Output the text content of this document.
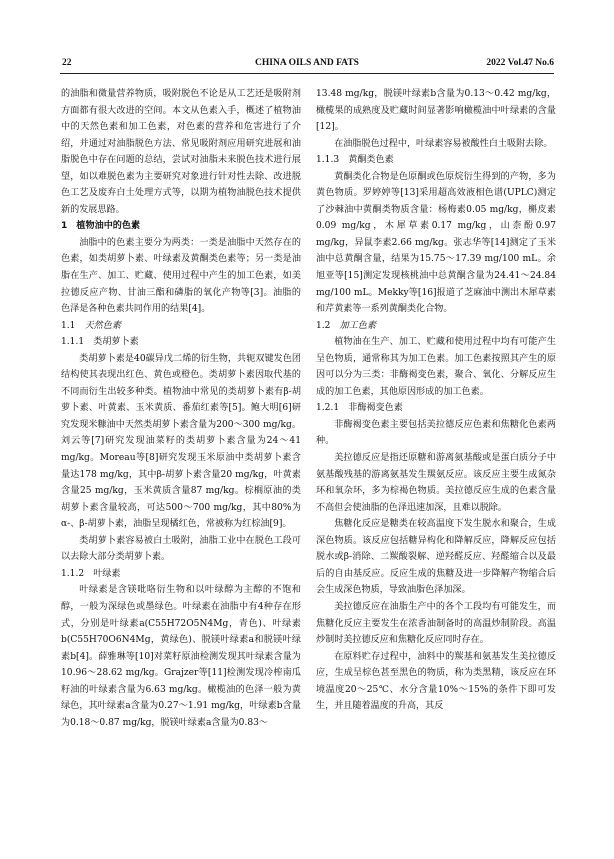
22	CHINA OILS AND FATS	2022 Vol.47 No.6

的油脂和微量营养物质，吸附脱色不论是从工艺还是吸附剂方面都有很大改进的空间。本文从色素入手，概述了植物油中的天然色素和加工色素，对色素的营养和危害进行了介绍，并通过对油脂脱色方法、常见吸附剂应用研究进展和油脂脱色中存在问题的总结，尝试对油脂未来脱色技术进行展望，如以难脱色素为主要研究对象进行针对性去除、改进脱色工艺及废弃白土处理方式等，以期为植物油脱色技术提供新的发展思路。

1　植物油中的色素

油脂中的色素主要分为两类：一类是油脂中天然存在的色素，如类胡萝卜素、叶绿素及黄酮类色素等；另一类是油脂在生产、加工、贮藏、使用过程中产生的加工色素，如美拉德反应产物、甘油三酯和磷脂的氧化产物等[3]。油脂的色泽是各种色素共同作用的结果[4]。

1.1　天然色素

1.1.1　类胡萝卜素

类胡萝卜素是40碳异戊二烯的衍生物，共轭双键发色团结构使其表现出红色、黄色或橙色。类胡萝卜素因取代基的不同而衍生出较多种类。植物油中常见的类胡萝卜素有β-胡萝卜素、叶黄素、玉米黄质、番茄红素等[5]。鲍大明[6]研究发现米糠油中天然类胡萝卜素含量为200～300 mg/kg。刘云等[7]研究发现油菜籽的类胡萝卜素含量为24～41 mg/kg。Moreau等[8]研究发现玉米原油中类胡萝卜素含量达178 mg/kg，其中β-胡萝卜素含量20 mg/kg，叶黄素含量25 mg/kg，玉米黄质含量87 mg/kg。棕榈原油的类胡萝卜素含量较高，可达500～700 mg/kg，其中80%为α-、β-胡萝卜素，油脂呈现橘红色，常被称为红棕油[9]。

类胡萝卜素容易被白土吸附，油脂工业中在脱色工段可以去除大部分类胡萝卜素。

1.1.2　叶绿素

叶绿素是含镁吡咯衍生物和以叶绿醇为主醇的不饱和醇，一般为深绿色或墨绿色。叶绿素在油脂中有4种存在形式，分别是叶绿素a(C55H72O5N4Mg，青色)、叶绿素b(C55H70O6N4Mg，黄绿色)、脱镁叶绿素a和脱镁叶绿素b[4]。薛雅琳等[10]对菜籽原油检测发现其叶绿素含量为10.96～28.62 mg/kg。Grajzer等[11]检测发现冷榨南瓜籽油的叶绿素含量为6.63 mg/kg。橄榄油的色泽一般为黄绿色，其叶绿素a含量为0.27～1.91 mg/kg，叶绿素b含量为0.18～0.87 mg/kg，脱镁叶绿素a含量为0.83～

13.48 mg/kg，脱镁叶绿素b含量为0.13～0.42 mg/kg，橄榄果的成熟度及贮藏时间显著影响橄榄油中叶绿素的含量[12]。

在油脂脱色过程中，叶绿素容易被酸性白土吸附去除。

1.1.3　黄酮类色素

黄酮类化合物是色原酮或色原烷衍生得到的产物，多为黄色物质。罗婷婷等[13]采用超高效液相色谱(UPLC)测定了沙棘油中黄酮类物质含量：杨梅素0.05 mg/kg，槲皮素0.09 mg/kg，木犀草素0.17 mg/kg，山柰酚0.97 mg/kg，异鼠李素2.66 mg/kg。张志华等[14]测定了玉米油中总黄酮含量，结果为15.75～17.39 mg/100 mL。余旭亚等[15]测定发现核桃油中总黄酮含量为24.41～24.84 mg/100 mL。Mekky等[16]报道了芝麻油中测出木犀草素和芹黄素等一系列黄酮类化合物。

1.2　加工色素

植物油在生产、加工、贮藏和使用过程中均有可能产生呈色物质，通常称其为加工色素。加工色素按照其产生的原因可以分为三类：非酶褐变色素，聚合、氧化、分解反应生成的加工色素，其他原因形成的加工色素。

1.2.1　非酶褐变色素

非酶褐变色素主要包括美拉德反应色素和焦糖化色素两种。

美拉德反应是指还原糖和游离氨基酸或是蛋白质分子中氨基酸残基的游离氨基发生羰氨反应。该反应主要生成氮杂环和氧杂环，多为棕褐色物质。美拉德反应生成的色素含量不高但会使油脂的色泽迅速加深，且难以脱除。

焦糖化反应是糖类在较高温度下发生脱水和聚合，生成深色物质。该反应包括糖异构化和降解反应，降解反应包括脱水或β-消除、二羰酸裂解、逆羟醛反应、羟醛缩合以及最后的自由基反应。反应生成的焦糖及进一步降解产物缩合后会生成深色物质，导致油脂色泽加深。

美拉德反应在油脂生产中的各个工段均有可能发生，而焦糖化反应主要发生在浓香油制备时的高温炒制阶段。高温炒制时美拉德反应和焦糖化反应同时存在。

在原料贮存过程中，油料中的羰基和氨基发生美拉德反应，生成呈棕色甚至黑色的物质，称为类黑精，该反应在环境温度20～25℃、水分含量10%～15%的条件下即可发生，并且随着温度的升高，其反
